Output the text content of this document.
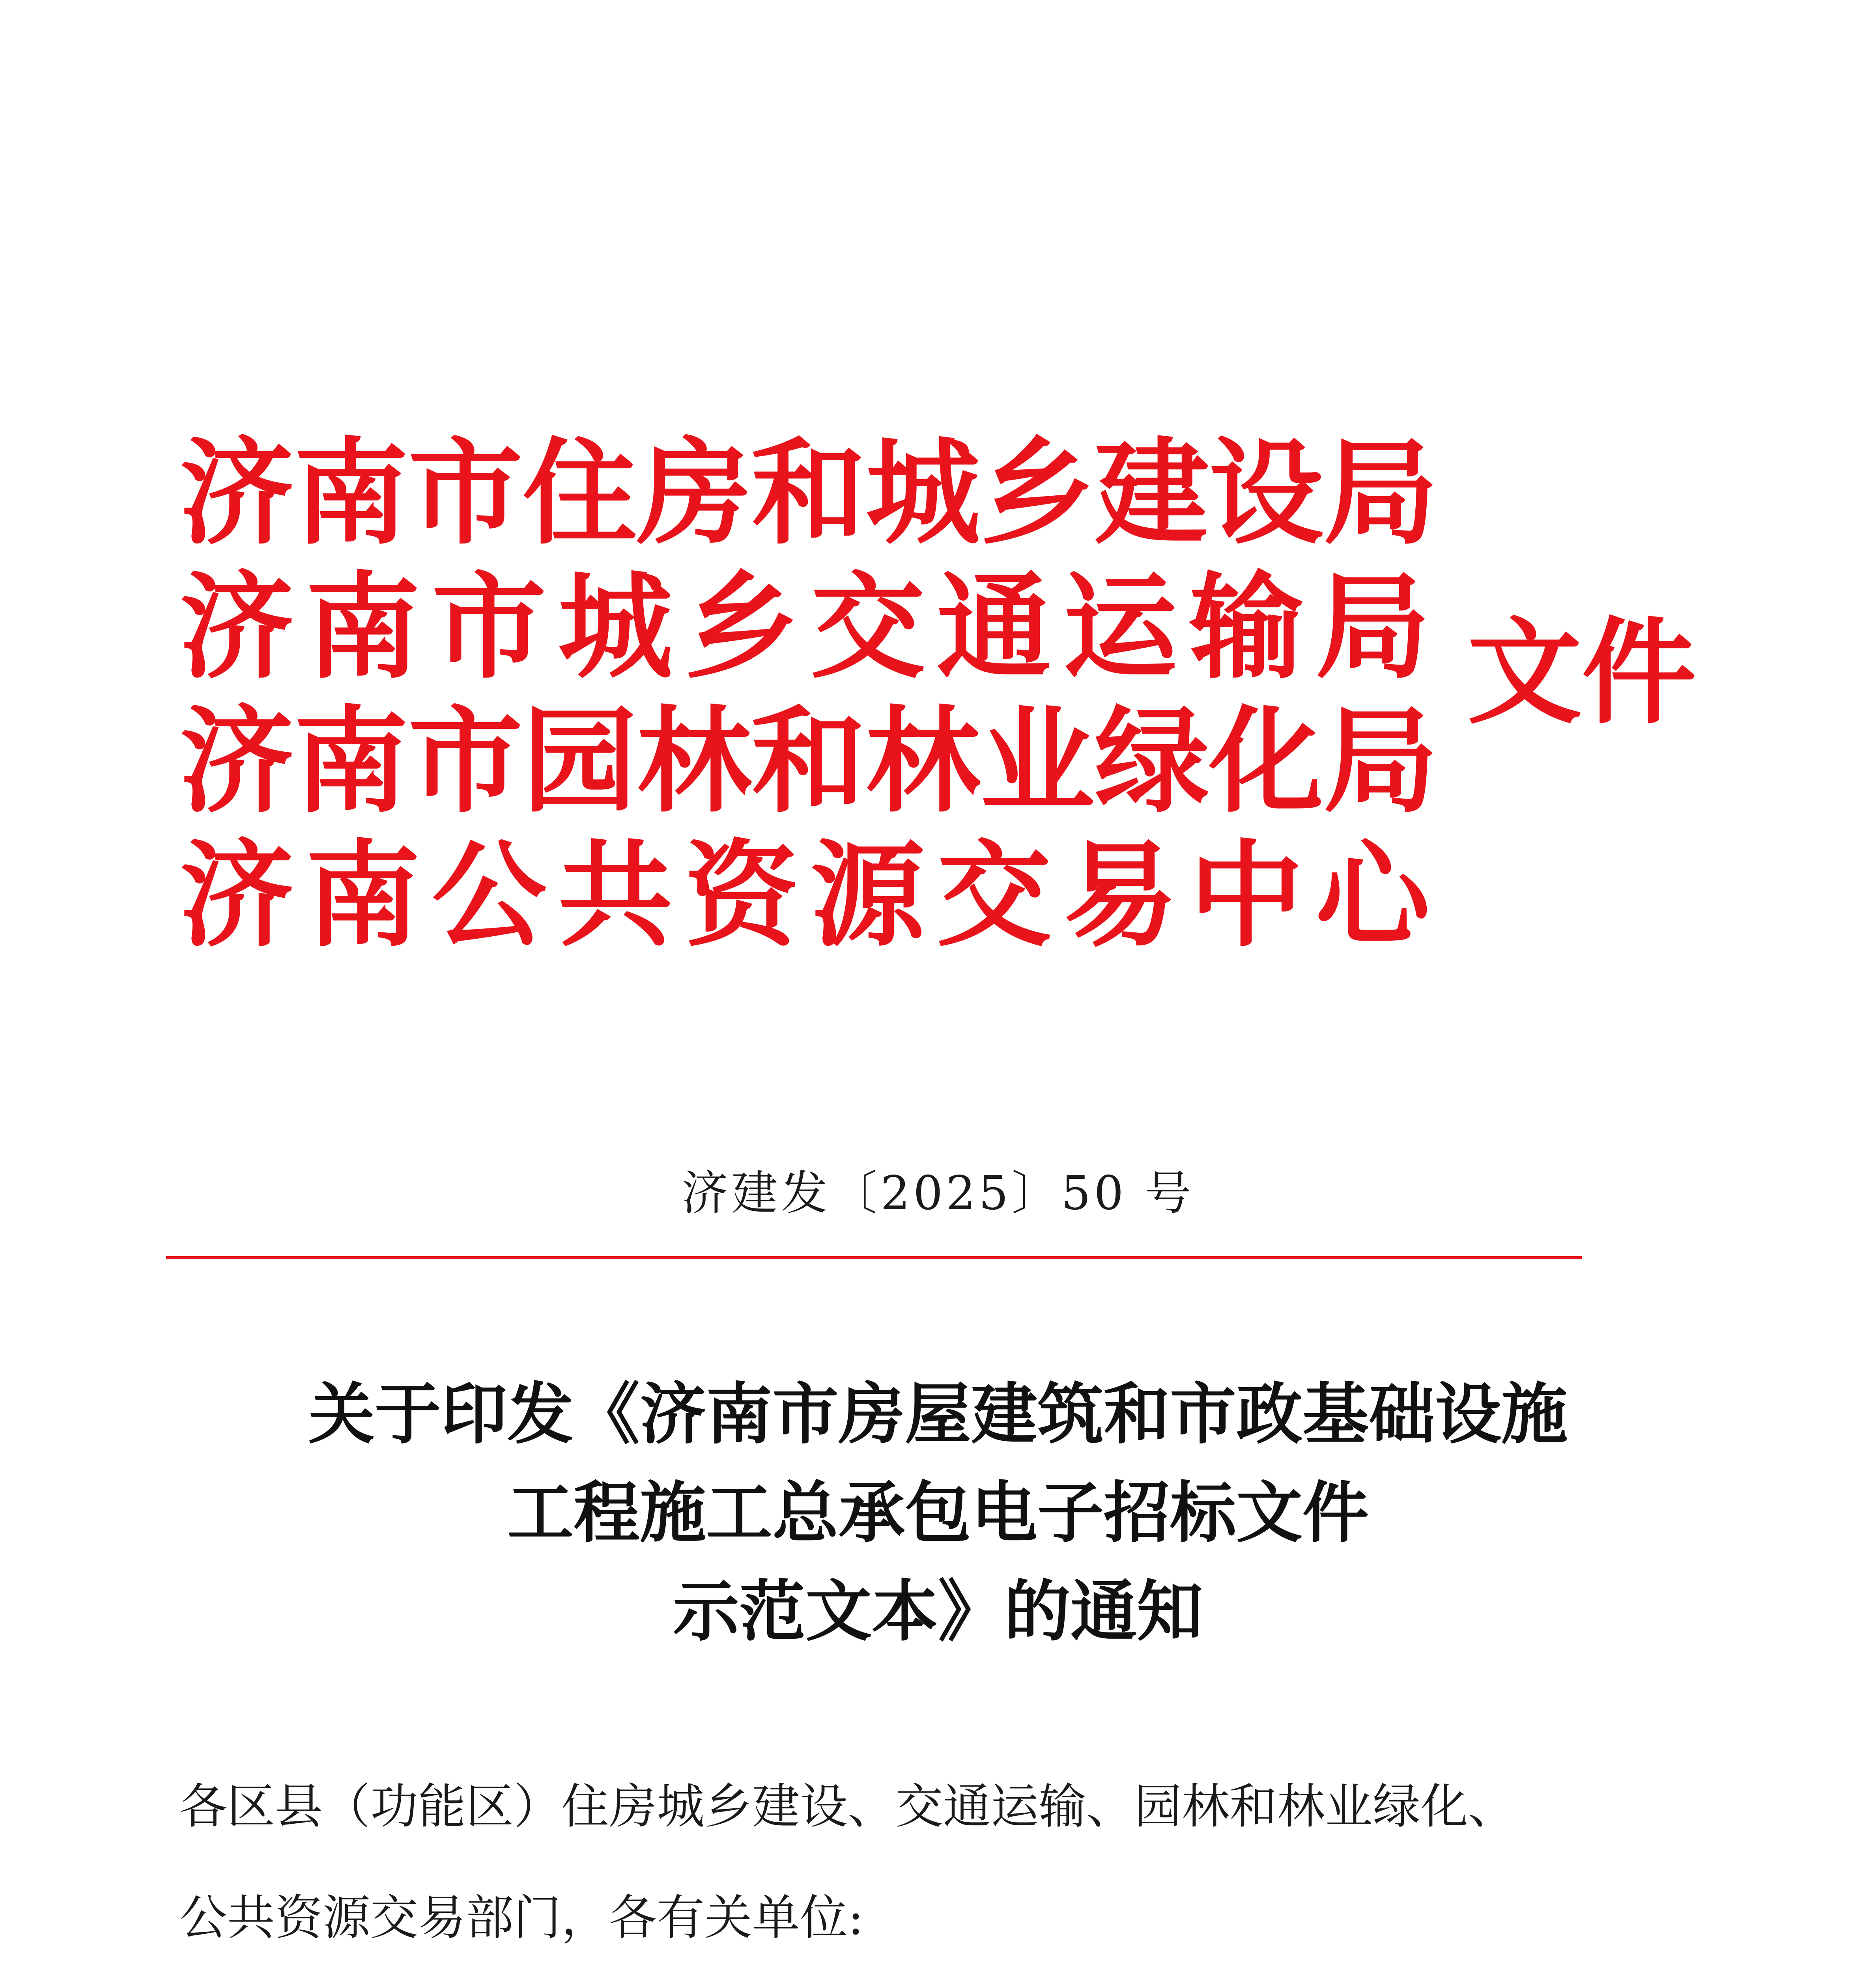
济 南 市 住 房 和 城 乡 建 设 局
济 南 市 城 乡 交 通 运 输 局
济 南 市 园 林 和 林 业 绿 化 局
济 南 公 共 资 源 交 易 中 心
文件
济建发〔2025〕50 号
关于印发《济南市房屋建筑和市政基础设施
工程施工总承包电子招标文件
示范文本》的通知
各区县（功能区）住房城乡建设、交通运输、园林和林业绿化、
公共资源交易部门，各有关单位:
